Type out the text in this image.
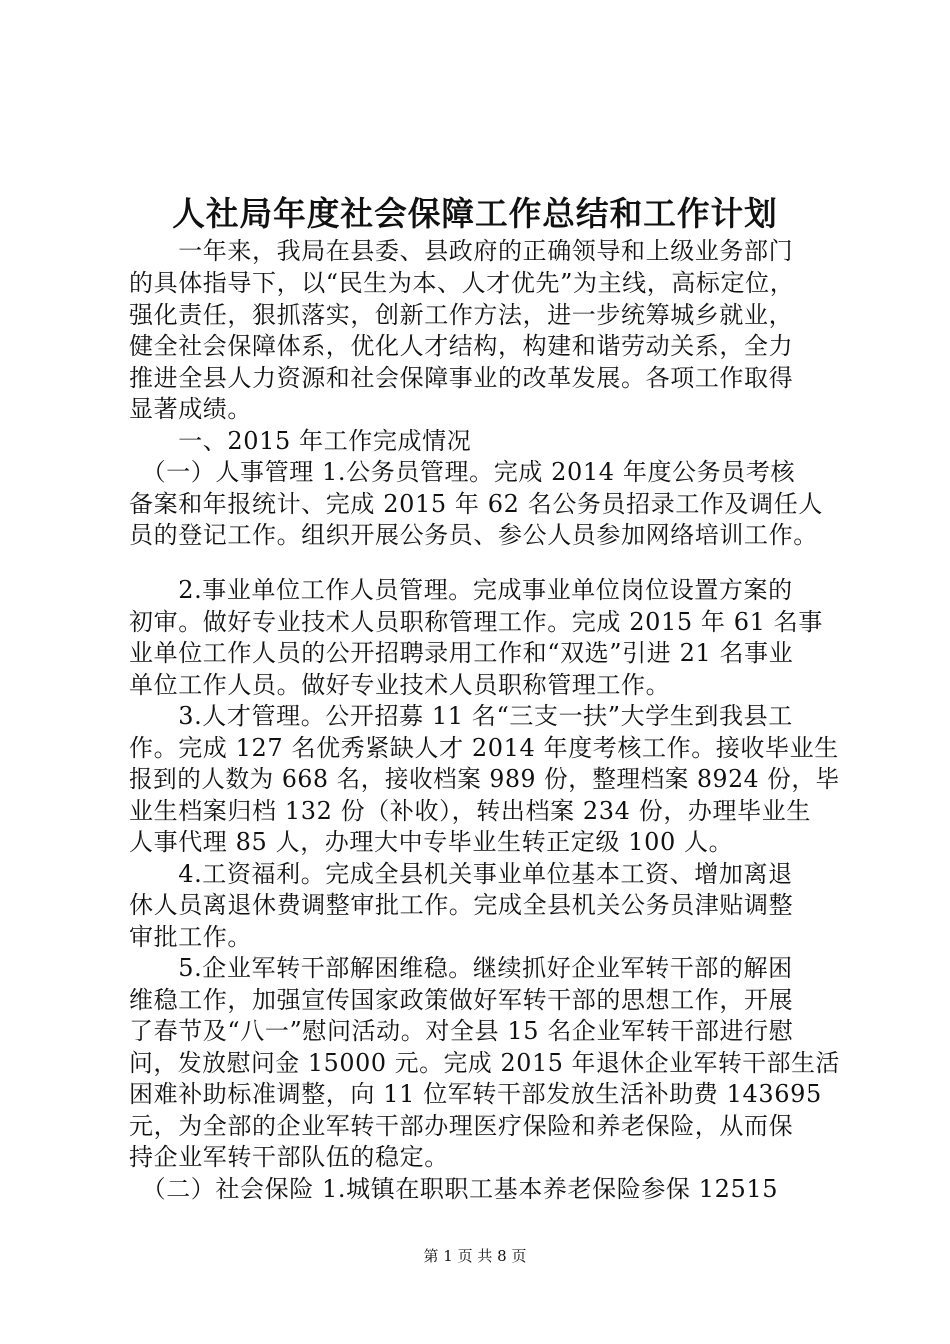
人社局年度社会保障工作总结和工作计划
　　一年来，我局在县委、县政府的正确领导和上级业务部门
的具体指导下，以“民生为本、人才优先”为主线，高标定位，
强化责任，狠抓落实，创新工作方法，进一步统筹城乡就业，
健全社会保障体系，优化人才结构，构建和谐劳动关系，全力
推进全县人力资源和社会保障事业的改革发展。各项工作取得
显著成绩。
　　一、2015 年工作完成情况
　（一）人事管理 1.公务员管理。完成 2014 年度公务员考核
备案和年报统计、完成 2015 年 62 名公务员招录工作及调任人
员的登记工作。组织开展公务员、参公人员参加网络培训工作。
　　2.事业单位工作人员管理。完成事业单位岗位设置方案的
初审。做好专业技术人员职称管理工作。完成 2015 年 61 名事
业单位工作人员的公开招聘录用工作和“双选”引进 21 名事业
单位工作人员。做好专业技术人员职称管理工作。
　　3.人才管理。公开招募 11 名“三支一扶”大学生到我县工
作。完成 127 名优秀紧缺人才 2014 年度考核工作。接收毕业生
报到的人数为 668 名，接收档案 989 份，整理档案 8924 份，毕
业生档案归档 132 份（补收），转出档案 234 份，办理毕业生
人事代理 85 人，办理大中专毕业生转正定级 100 人。
　　4.工资福利。完成全县机关事业单位基本工资、增加离退
休人员离退休费调整审批工作。完成全县机关公务员津贴调整
审批工作。
　　5.企业军转干部解困维稳。继续抓好企业军转干部的解困
维稳工作，加强宣传国家政策做好军转干部的思想工作，开展
了春节及“八一”慰问活动。对全县 15 名企业军转干部进行慰
问，发放慰问金 15000 元。完成 2015 年退休企业军转干部生活
困难补助标准调整，向 11 位军转干部发放生活补助费 143695
元，为全部的企业军转干部办理医疗保险和养老保险，从而保
持企业军转干部队伍的稳定。
　（二）社会保险 1.城镇在职职工基本养老保险参保 12515
第 1 页 共 8 页
